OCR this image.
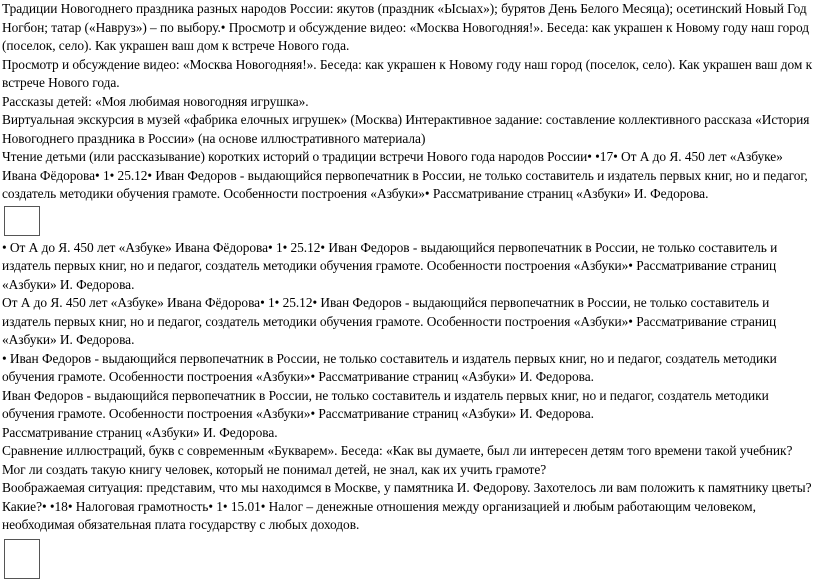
Традиции Новогоднего праздника разных народов России: якутов (праздник «Ысыах»); бурятов День Белого Месяца); осетинский Новый Год Ногбон; татар («Навруз») – по выбору.• Просмотр и обсуждение видео: «Москва Новогодняя!». Беседа: как украшен к Новому году наш город (поселок, село). Как украшен ваш дом к встрече Нового года.

Просмотр и обсуждение видео: «Москва Новогодняя!». Беседа: как украшен к Новому году наш город (поселок, село). Как украшен ваш дом к встрече Нового года.

Рассказы детей: «Моя любимая новогодняя игрушка».

Виртуальная экскурсия в музей «фабрика елочных игрушек» (Москва) Интерактивное задание: составление коллективного рассказа «История

Новогоднего праздника в России» (на основе иллюстративного материала)

Чтение детьми (или рассказывание) коротких историй о традиции встречи Нового года народов России• •17• От А до Я. 450 лет «Азбуке» Ивана Фёдорова• 1• 25.12• Иван Федоров - выдающийся первопечатник в России, не только составитель и издатель первых книг, но и педагог, создатель методики обучения грамоте. Особенности построения «Азбуки»• Рассматривание страниц «Азбуки» И. Федорова.

• От А до Я. 450 лет «Азбуке» Ивана Фёдорова• 1• 25.12• Иван Федоров - выдающийся первопечатник в России, не только составитель и издатель первых книг, но и педагог, создатель методики обучения грамоте. Особенности построения «Азбуки»• Рассматривание страниц «Азбуки» И. Федорова.

От А до Я. 450 лет «Азбуке» Ивана Фёдорова• 1• 25.12• Иван Федоров - выдающийся первопечатник в России, не только составитель и издатель первых книг, но и педагог, создатель методики обучения грамоте. Особенности построения «Азбуки»• Рассматривание страниц «Азбуки» И. Федорова.

• Иван Федоров - выдающийся первопечатник в России, не только составитель и издатель первых книг, но и педагог, создатель методики обучения грамоте. Особенности построения «Азбуки»• Рассматривание страниц «Азбуки» И. Федорова.

Иван Федоров - выдающийся первопечатник в России, не только составитель и издатель первых книг, но и педагог, создатель методики обучения грамоте. Особенности построения «Азбуки»• Рассматривание страниц «Азбуки» И. Федорова.

Рассматривание страниц «Азбуки» И. Федорова.

Сравнение иллюстраций, букв с современным «Букварем». Беседа: «Как вы думаете, был ли интересен детям того времени такой учебник? Мог ли создать такую книгу человек, который не понимал детей, не знал, как их учить грамоте?

Воображаемая ситуация: представим, что мы находимся в Москве, у памятника И. Федорову. Захотелось ли вам положить к памятнику цветы? Какие?• •18• Налоговая грамотность• 1• 15.01• Налог – денежные отношения между организацией и любым работающим человеком, необходимая обязательная плата государству с любых доходов.
